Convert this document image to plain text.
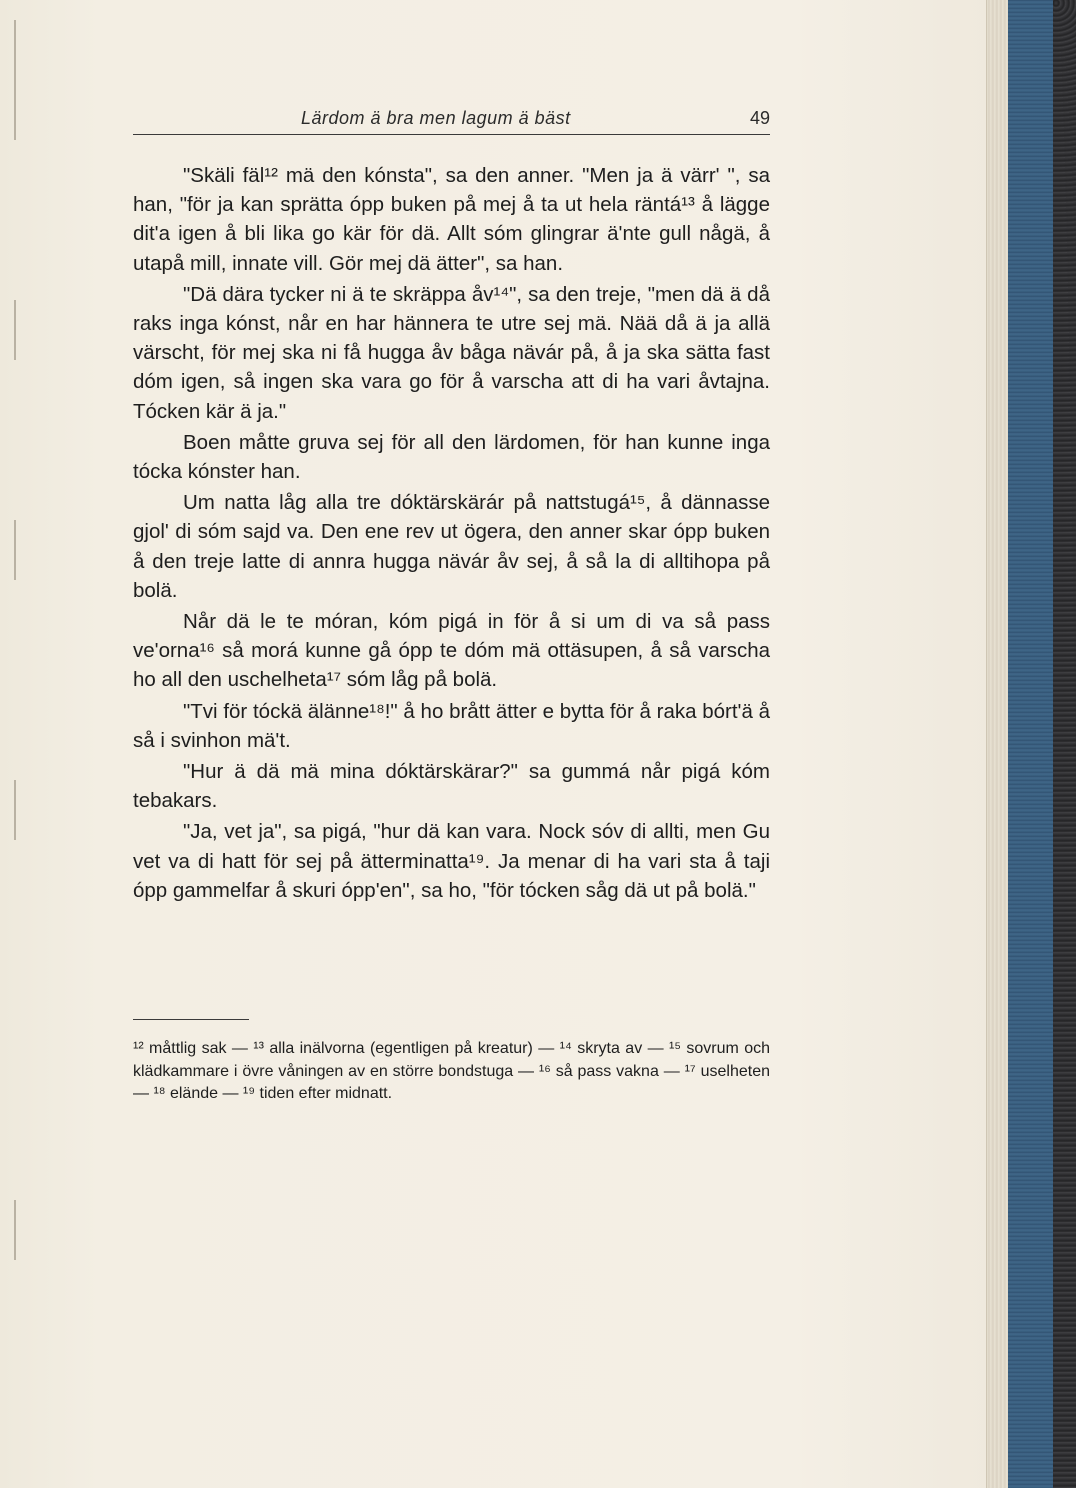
Lärdom ä bra men lagum ä bäst	49

"Skäli fäl¹² mä den kónsta", sa den anner. "Men ja ä värr' ", sa han, "för ja kan sprätta ópp buken på mej å ta ut hela räntá¹³ å lägge dit'a igen å bli lika go kär för dä. Allt sóm glingrar ä'nte gull någä, å utapå mill, innate vill. Gör mej dä ätter", sa han.

"Dä dära tycker ni ä te skräppa åv¹⁴", sa den treje, "men dä ä då raks inga kónst, når en har hännera te utre sej mä. Nää då ä ja allä värscht, för mej ska ni få hugga åv båga nävár på, å ja ska sätta fast dóm igen, så ingen ska vara go för å varscha att di ha vari åvtajna. Tócken kär ä ja."

Boen måtte gruva sej för all den lärdomen, för han kunne inga tócka kónster han.

Um natta låg alla tre dóktärskärár på nattstugá¹⁵, å dännasse gjol' di sóm sajd va. Den ene rev ut ögera, den anner skar ópp buken å den treje latte di annra hugga nävár åv sej, å så la di alltihopa på bolä.

Når dä le te móran, kóm pigá in för å si um di va så pass ve'orna¹⁶ så morá kunne gå ópp te dóm mä ottäsupen, å så varscha ho all den uschelheta¹⁷ sóm låg på bolä.

"Tvi för tóckä älänne¹⁸!" å ho brått ätter e bytta för å raka bórt'ä å så i svinhon mä't.

"Hur ä dä mä mina dóktärskärar?" sa gummá når pigá kóm tebakars.

"Ja, vet ja", sa pigá, "hur dä kan vara. Nock sóv di allti, men Gu vet va di hatt för sej på ätterminatta¹⁹. Ja menar di ha vari sta å taji ópp gammelfar å skuri ópp'en", sa ho, "för tócken såg dä ut på bolä."

¹² måttlig sak — ¹³ alla inälvorna (egentligen på kreatur) — ¹⁴ skryta av — ¹⁵ sovrum och klädkammare i övre våningen av en större bondstuga — ¹⁶ så pass vakna — ¹⁷ uselheten — ¹⁸ elände — ¹⁹ tiden efter midnatt.
